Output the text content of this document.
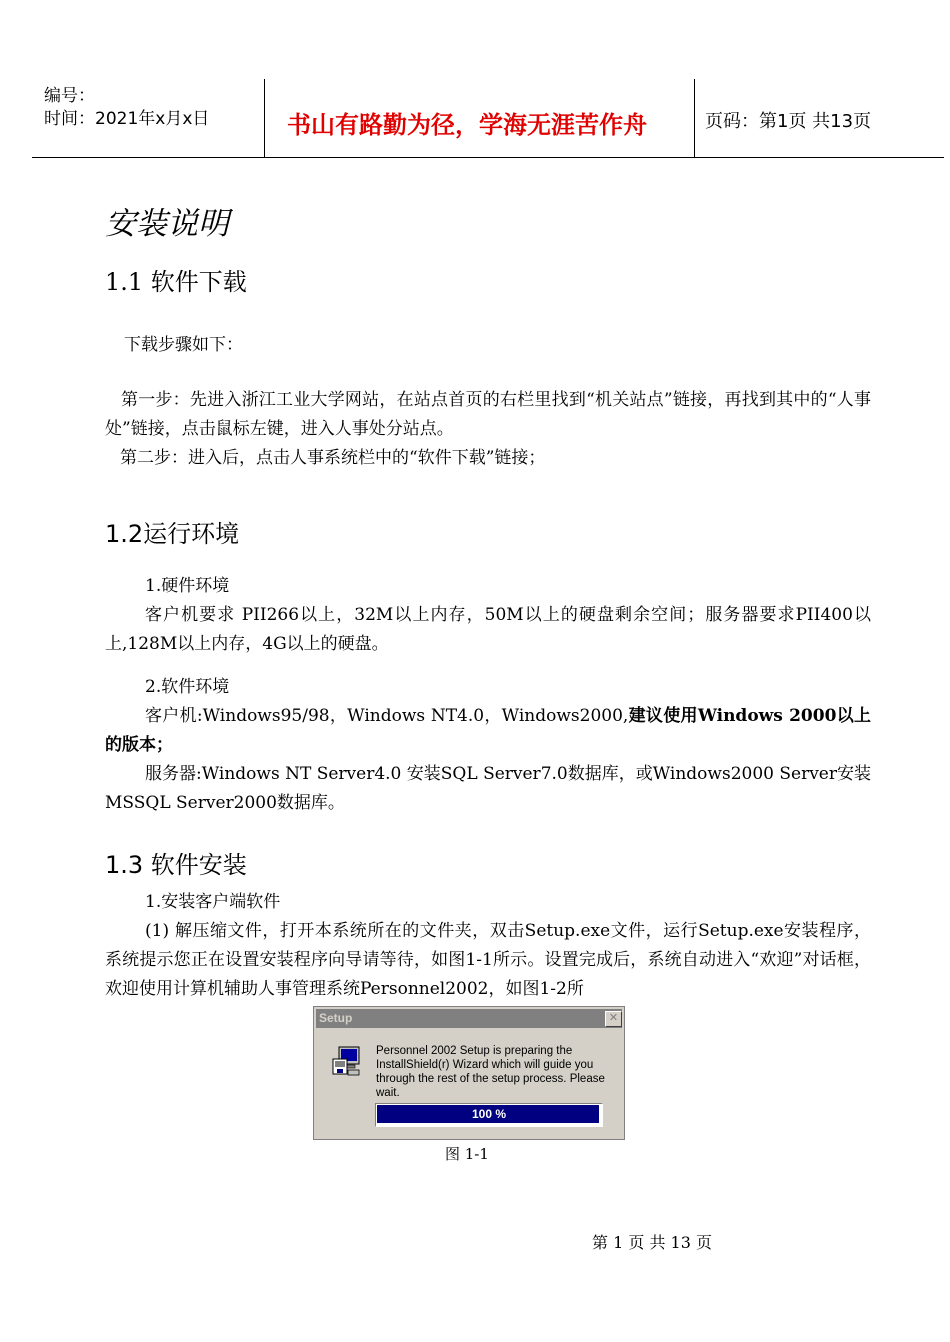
编号：
时间：2021年x月x日	书山有路勤为径，学海无涯苦作舟	页码：第1页 共13页
安装说明
1.1 软件下载
下载步骤如下：
第一步：先进入浙江工业大学网站，在站点首页的右栏里找到“机关站点”链接，再找到其中的“人事处”链接，点击鼠标左键，进入人事处分站点。
第二步：进入后，点击人事系统栏中的“软件下载”链接；
1.2运行环境
1.硬件环境
客户机要求 PII266以上，32M以上内存，50M以上的硬盘剩余空间；服务器要求PII400以上,128M以上内存，4G以上的硬盘。
2.软件环境
客户机:Windows95/98，Windows NT4.0，Windows2000,建议使用Windows 2000以上的版本；
服务器:Windows NT Server4.0 安装SQL Server7.0数据库，或Windows2000 Server安装MSSQL Server2000数据库。
1.3 软件安装
1.安装客户端软件
(1) 解压缩文件，打开本系统所在的文件夹，双击Setup.exe文件，运行Setup.exe安装程序，系统提示您正在设置安装程序向导请等待，如图1-1所示。设置完成后，系统自动进入“欢迎”对话框，欢迎使用计算机辅助人事管理系统Personnel2002，如图1-2所
Setup	✕
Personnel 2002 Setup is preparing the InstallShield(r) Wizard which will guide you through the rest of the setup process. Please wait.
100 %
图 1-1
第 1 页 共 13 页
